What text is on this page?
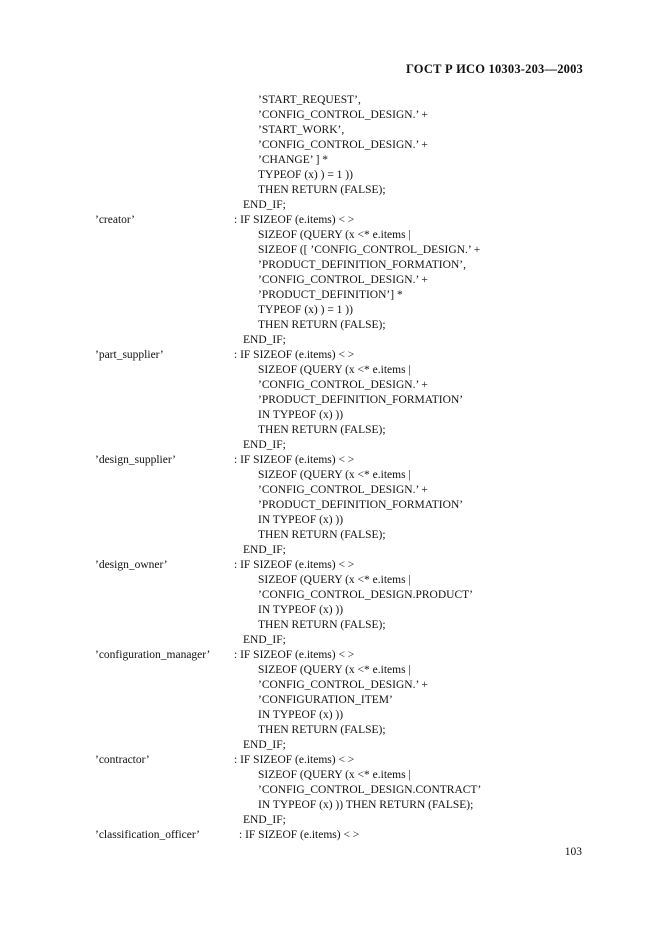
ГОСТ Р ИСО 10303-203—2003
’START_REQUEST’,
’CONFIG_CONTROL_DESIGN.’ +
’START_WORK’,
’CONFIG_CONTROL_DESIGN.’ +
’CHANGE’ ] *
TYPEOF (x) ) = 1 ))
THEN RETURN (FALSE);
END_IF;
’creator’	: IF SIZEOF (e.items) < >
SIZEOF (QUERY (x <* e.items |
SIZEOF ([ ’CONFIG_CONTROL_DESIGN.’ +
’PRODUCT_DEFINITION_FORMATION’,
’CONFIG_CONTROL_DESIGN.’ +
’PRODUCT_DEFINITION’] *
TYPEOF (x) ) = 1 ))
THEN RETURN (FALSE);
END_IF;
’part_supplier’	: IF SIZEOF (e.items) < >
SIZEOF (QUERY (x <* e.items |
’CONFIG_CONTROL_DESIGN.’ +
’PRODUCT_DEFINITION_FORMATION’
IN TYPEOF (x) ))
THEN RETURN (FALSE);
END_IF;
’design_supplier’	: IF SIZEOF (e.items) < >
SIZEOF (QUERY (x <* e.items |
’CONFIG_CONTROL_DESIGN.’ +
’PRODUCT_DEFINITION_FORMATION’
IN TYPEOF (x) ))
THEN RETURN (FALSE);
END_IF;
’design_owner’	: IF SIZEOF (e.items) < >
SIZEOF (QUERY (x <* e.items |
’CONFIG_CONTROL_DESIGN.PRODUCT’
IN TYPEOF (x) ))
THEN RETURN (FALSE);
END_IF;
’configuration_manager’ : IF SIZEOF (e.items) < >
SIZEOF (QUERY (x <* e.items |
’CONFIG_CONTROL_DESIGN.’ +
’CONFIGURATION_ITEM’
IN TYPEOF (x) ))
THEN RETURN (FALSE);
END_IF;
’contractor’	: IF SIZEOF (e.items) < >
SIZEOF (QUERY (x <* e.items |
’CONFIG_CONTROL_DESIGN.CONTRACT’
IN TYPEOF (x) )) THEN RETURN (FALSE);
END_IF;
’classification_officer’	: IF SIZEOF (e.items) < >
103
